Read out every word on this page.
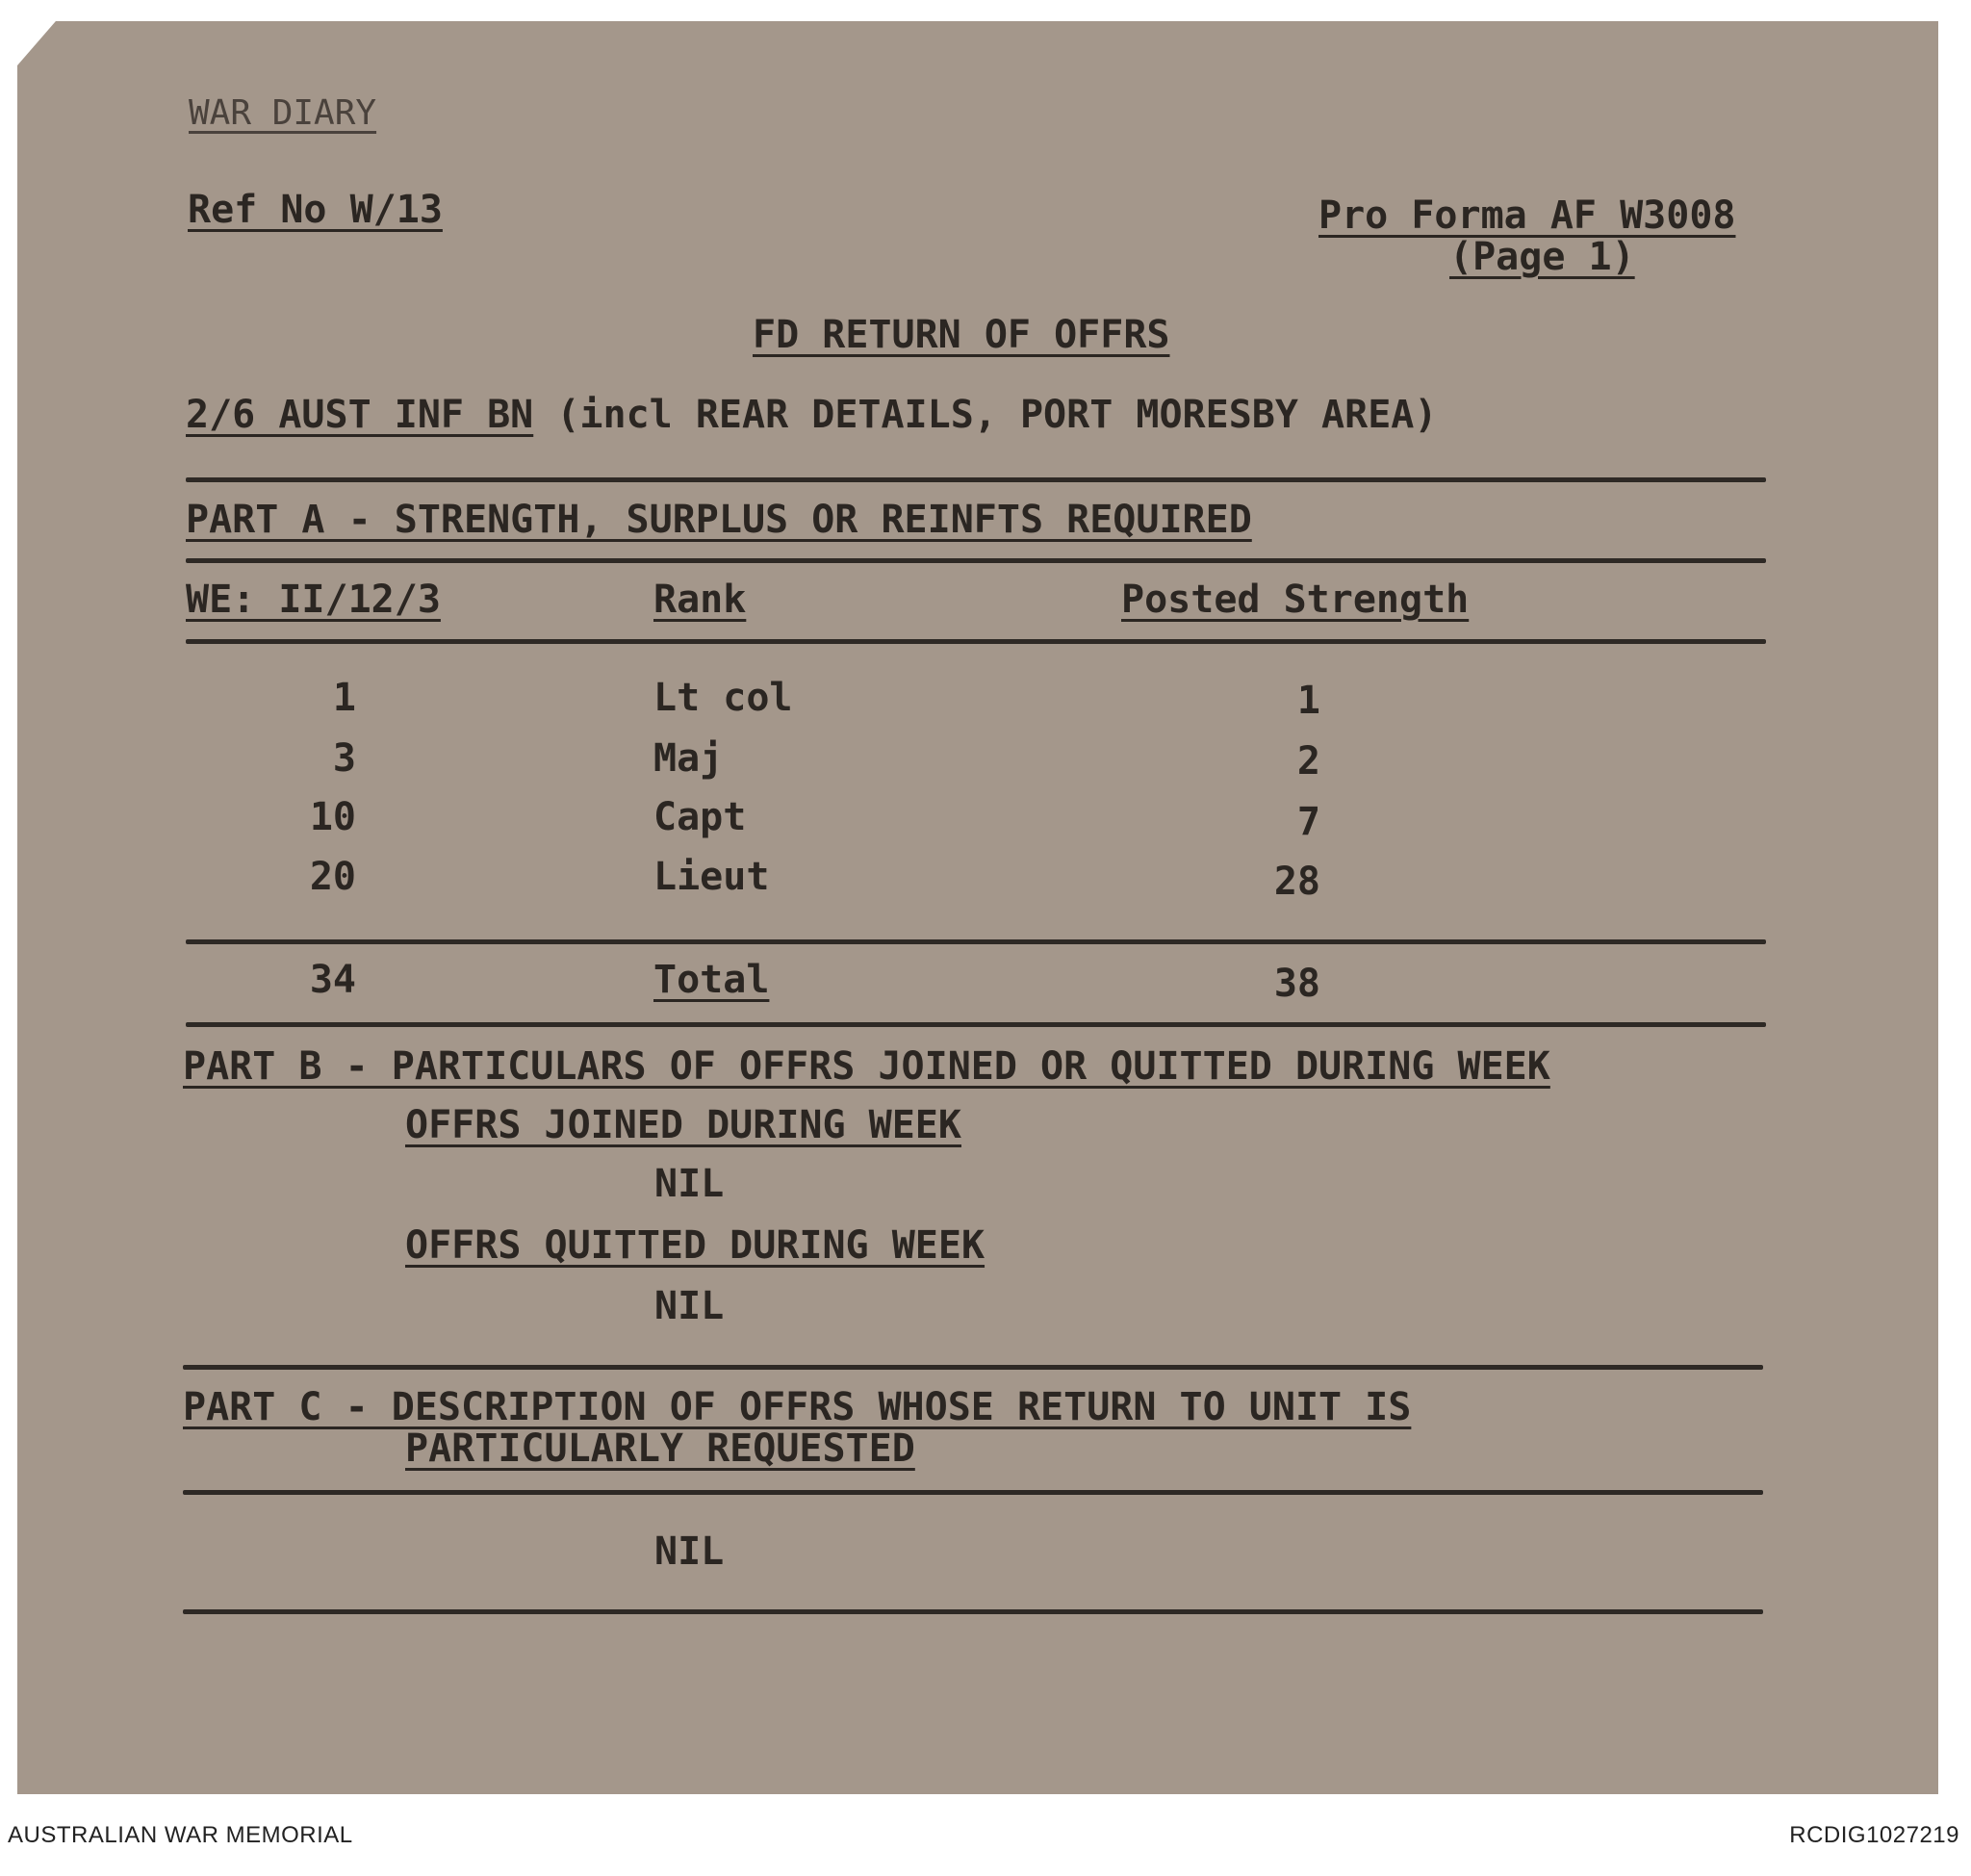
WAR DIARY
Ref No W/13	Pro Forma AF W3008
(Page 1)
FD RETURN OF OFFRS
2/6 AUST INF BN (incl REAR DETAILS, PORT MORESBY AREA)
PART A - STRENGTH, SURPLUS OR REINFTS REQUIRED
WE: II/12/3	Rank	Posted Strength
1	Lt col	1
3	Maj	2
10	Capt	7
20	Lieut	28
34	Total	38
PART B - PARTICULARS OF OFFRS JOINED OR QUITTED DURING WEEK
OFFRS JOINED DURING WEEK
NIL
OFFRS QUITTED DURING WEEK
NIL
PART C - DESCRIPTION OF OFFRS WHOSE RETURN TO UNIT IS
PARTICULARLY REQUESTED
NIL
AUSTRALIAN WAR MEMORIAL	RCDIG1027219
